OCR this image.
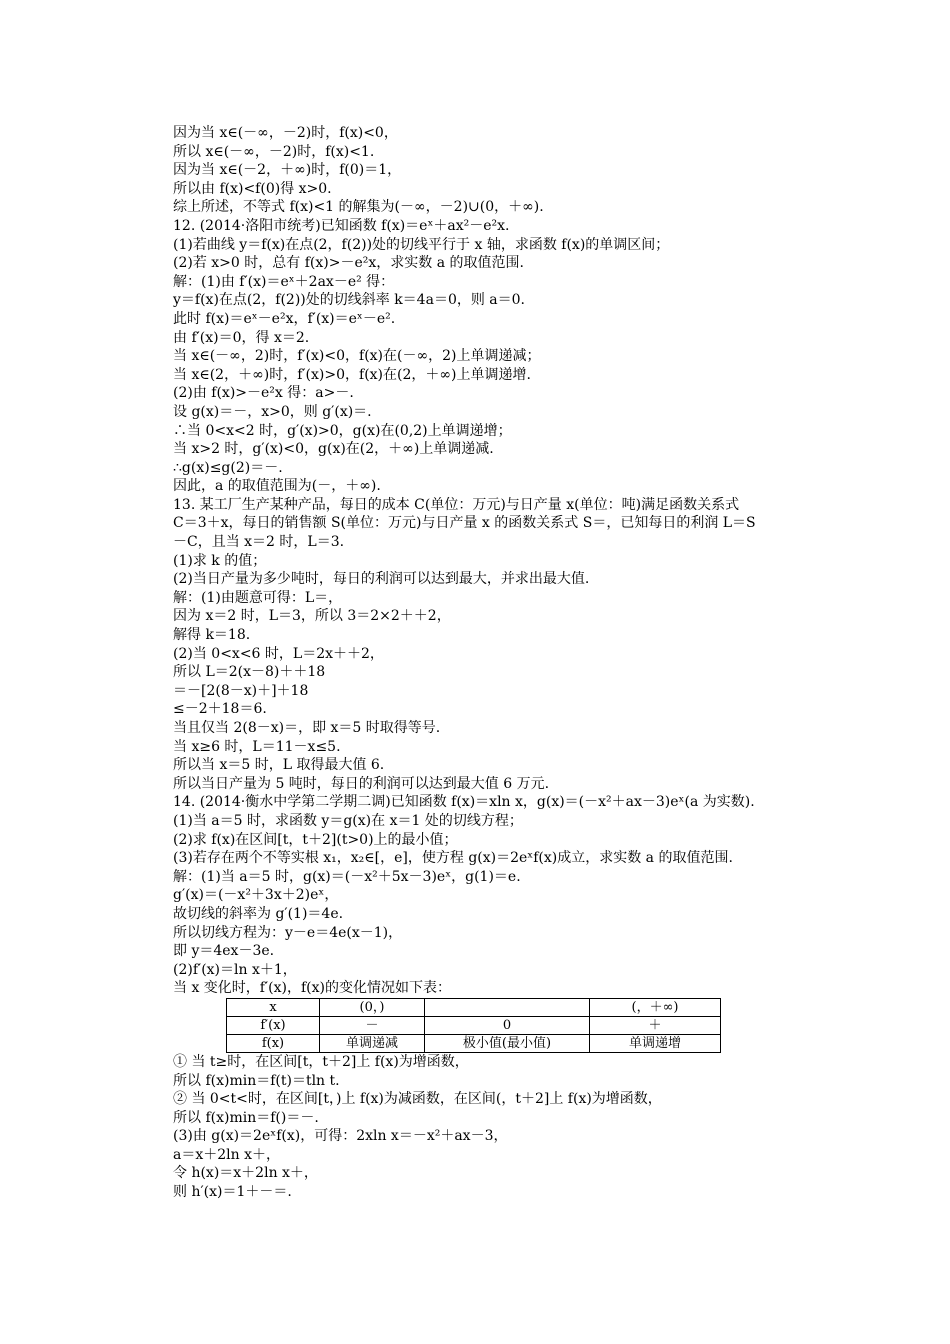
因为当 x∈(－∞，－2)时，f(x)<0，
所以 x∈(－∞，－2)时，f(x)<1.
因为当 x∈(－2，＋∞)时，f(0)＝1，
所以由 f(x)<f(0)得 x>0.
综上所述，不等式 f(x)<1 的解集为(－∞，－2)∪(0，＋∞).
12. (2014·洛阳市统考)已知函数 f(x)＝eˣ＋ax²－e²x.
(1)若曲线 y＝f(x)在点(2，f(2))处的切线平行于 x 轴，求函数 f(x)的单调区间；
(2)若 x>0 时，总有 f(x)>－e²x，求实数 a 的取值范围.
解：(1)由 f′(x)＝eˣ＋2ax－e² 得：
y＝f(x)在点(2，f(2))处的切线斜率 k＝4a＝0，则 a＝0.
此时 f(x)＝eˣ－e²x，f′(x)＝eˣ－e².
由 f′(x)＝0，得 x＝2.
当 x∈(－∞，2)时，f′(x)<0，f(x)在(－∞，2)上单调递减；
当 x∈(2，＋∞)时，f′(x)>0，f(x)在(2，＋∞)上单调递增.
(2)由 f(x)>－e²x 得：a>－.
设 g(x)＝－，x>0，则 g′(x)＝.
∴当 0<x<2 时，g′(x)>0，g(x)在(0,2)上单调递增；
当 x>2 时，g′(x)<0，g(x)在(2，＋∞)上单调递减.
∴g(x)≤g(2)＝－.
因此，a 的取值范围为(－，＋∞).
13. 某工厂生产某种产品，每日的成本 C(单位：万元)与日产量 x(单位：吨)满足函数关系式
C＝3＋x，每日的销售额 S(单位：万元)与日产量 x 的函数关系式 S＝，已知每日的利润 L＝S
－C，且当 x＝2 时，L＝3.
(1)求 k 的值；
(2)当日产量为多少吨时，每日的利润可以达到最大，并求出最大值.
解：(1)由题意可得：L＝，
因为 x＝2 时，L＝3，所以 3＝2×2＋＋2，
解得 k＝18.
(2)当 0<x<6 时，L＝2x＋＋2，
所以 L＝2(x－8)＋＋18
＝－[2(8－x)＋]＋18
≤－2＋18＝6.
当且仅当 2(8－x)＝，即 x＝5 时取得等号.
当 x≥6 时，L＝11－x≤5.
所以当 x＝5 时，L 取得最大值 6.
所以当日产量为 5 吨时，每日的利润可以达到最大值 6 万元.
14. (2014·衡水中学第二学期二调)已知函数 f(x)＝xln x，g(x)＝(－x²＋ax－3)eˣ(a 为实数).
(1)当 a＝5 时，求函数 y＝g(x)在 x＝1 处的切线方程；
(2)求 f(x)在区间[t，t＋2](t>0)上的最小值；
(3)若存在两个不等实根 x₁，x₂∈[，e]，使方程 g(x)＝2eˣf(x)成立，求实数 a 的取值范围.
解：(1)当 a＝5 时，g(x)＝(－x²＋5x－3)eˣ，g(1)＝e.
g′(x)＝(－x²＋3x＋2)eˣ，
故切线的斜率为 g′(1)＝4e.
所以切线方程为：y－e＝4e(x－1)，
即 y＝4ex－3e.
(2)f′(x)＝ln x＋1，
当 x 变化时，f′(x)，f(x)的变化情况如下表：
x	(0，)		(，＋∞)
f′(x)	－	0	＋
f(x)	单调递减	极小值(最小值)	单调递增
① 当 t≥时，在区间[t，t＋2]上 f(x)为增函数，
所以 f(x)min＝f(t)＝tln t.
② 当 0<t<时，在区间[t，)上 f(x)为减函数，在区间(，t＋2]上 f(x)为增函数，
所以 f(x)min＝f()＝－.
(3)由 g(x)＝2eˣf(x)，可得：2xln x＝－x²＋ax－3，
a＝x＋2ln x＋，
令 h(x)＝x＋2ln x＋，
则 h′(x)＝1＋－＝.
